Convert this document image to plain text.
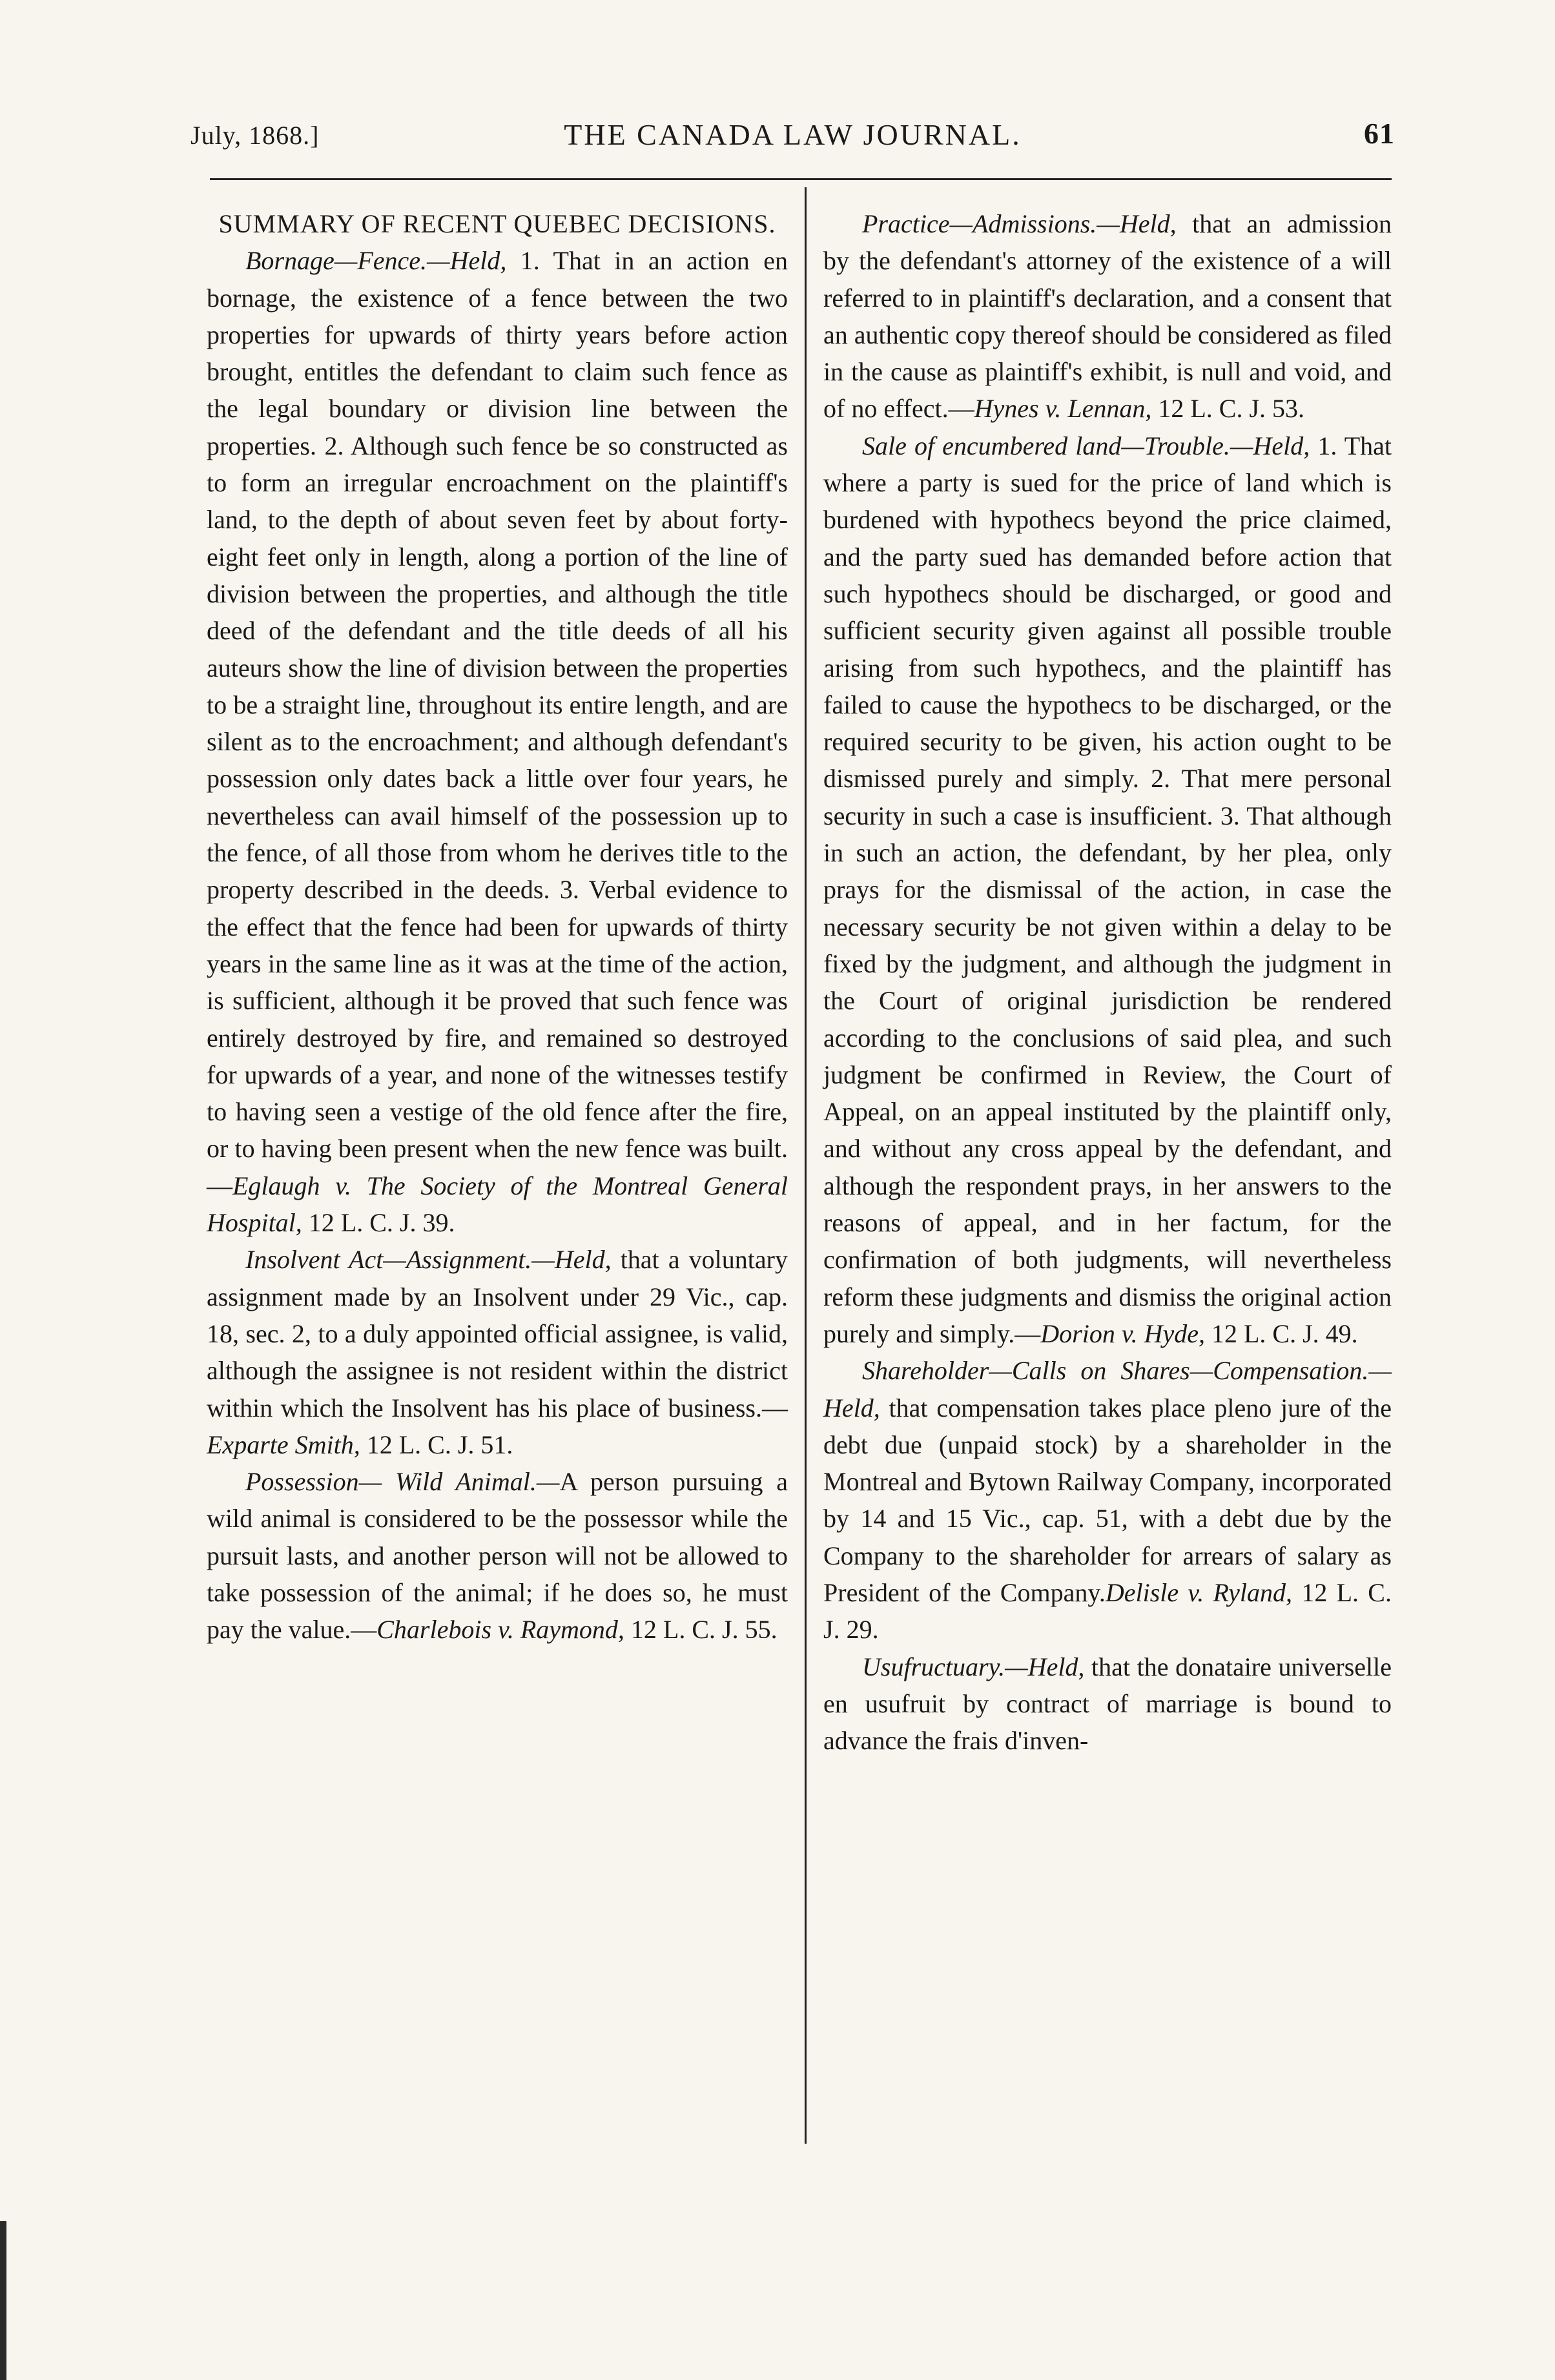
July, 1868.]	THE CANADA LAW JOURNAL.	61

SUMMARY OF RECENT QUEBEC DECISIONS.

Bornage—Fence.—Held, 1. That in an action en bornage, the existence of a fence between the two properties for upwards of thirty years before action brought, entitles the defendant to claim such fence as the legal boundary or division line between the properties. 2. Although such fence be so constructed as to form an irregular encroachment on the plaintiff's land, to the depth of about seven feet by about forty-eight feet only in length, along a portion of the line of division between the properties, and although the title deed of the defendant and the title deeds of all his auteurs show the line of division between the properties to be a straight line, throughout its entire length, and are silent as to the encroachment; and although defendant's possession only dates back a little over four years, he nevertheless can avail himself of the possession up to the fence, of all those from whom he derives title to the property described in the deeds. 3. Verbal evidence to the effect that the fence had been for upwards of thirty years in the same line as it was at the time of the action, is sufficient, although it be proved that such fence was entirely destroyed by fire, and remained so destroyed for upwards of a year, and none of the witnesses testify to having seen a vestige of the old fence after the fire, or to having been present when the new fence was built.—Eglaugh v. The Society of the Montreal General Hospital, 12 L. C. J. 39.

Insolvent Act—Assignment.—Held, that a voluntary assignment made by an Insolvent under 29 Vic., cap. 18, sec. 2, to a duly appointed official assignee, is valid, although the assignee is not resident within the district within which the Insolvent has his place of business.—Exparte Smith, 12 L. C. J. 51.

Possession— Wild Animal.—A person pursuing a wild animal is considered to be the possessor while the pursuit lasts, and another person will not be allowed to take possession of the animal; if he does so, he must pay the value.—Charlebois v. Raymond, 12 L. C. J. 55.

Practice—Admissions.—Held, that an admission by the defendant's attorney of the existence of a will referred to in plaintiff's declaration, and a consent that an authentic copy thereof should be considered as filed in the cause as plaintiff's exhibit, is null and void, and of no effect.—Hynes v. Lennan, 12 L. C. J. 53.

Sale of encumbered land—Trouble.—Held, 1. That where a party is sued for the price of land which is burdened with hypothecs beyond the price claimed, and the party sued has demanded before action that such hypothecs should be discharged, or good and sufficient security given against all possible trouble arising from such hypothecs, and the plaintiff has failed to cause the hypothecs to be discharged, or the required security to be given, his action ought to be dismissed purely and simply. 2. That mere personal security in such a case is insufficient. 3. That although in such an action, the defendant, by her plea, only prays for the dismissal of the action, in case the necessary security be not given within a delay to be fixed by the judgment, and although the judgment in the Court of original jurisdiction be rendered according to the conclusions of said plea, and such judgment be confirmed in Review, the Court of Appeal, on an appeal instituted by the plaintiff only, and without any cross appeal by the defendant, and although the respondent prays, in her answers to the reasons of appeal, and in her factum, for the confirmation of both judgments, will nevertheless reform these judgments and dismiss the original action purely and simply.—Dorion v. Hyde, 12 L. C. J. 49.

Shareholder—Calls on Shares—Compensation.— Held, that compensation takes place pleno jure of the debt due (unpaid stock) by a shareholder in the Montreal and Bytown Railway Company, incorporated by 14 and 15 Vic., cap. 51, with a debt due by the Company to the shareholder for arrears of salary as President of the Company.Delisle v. Ryland, 12 L. C. J. 29.

Usufructuary.—Held, that the donataire universelle en usufruit by contract of marriage is bound to advance the frais d'inven-
